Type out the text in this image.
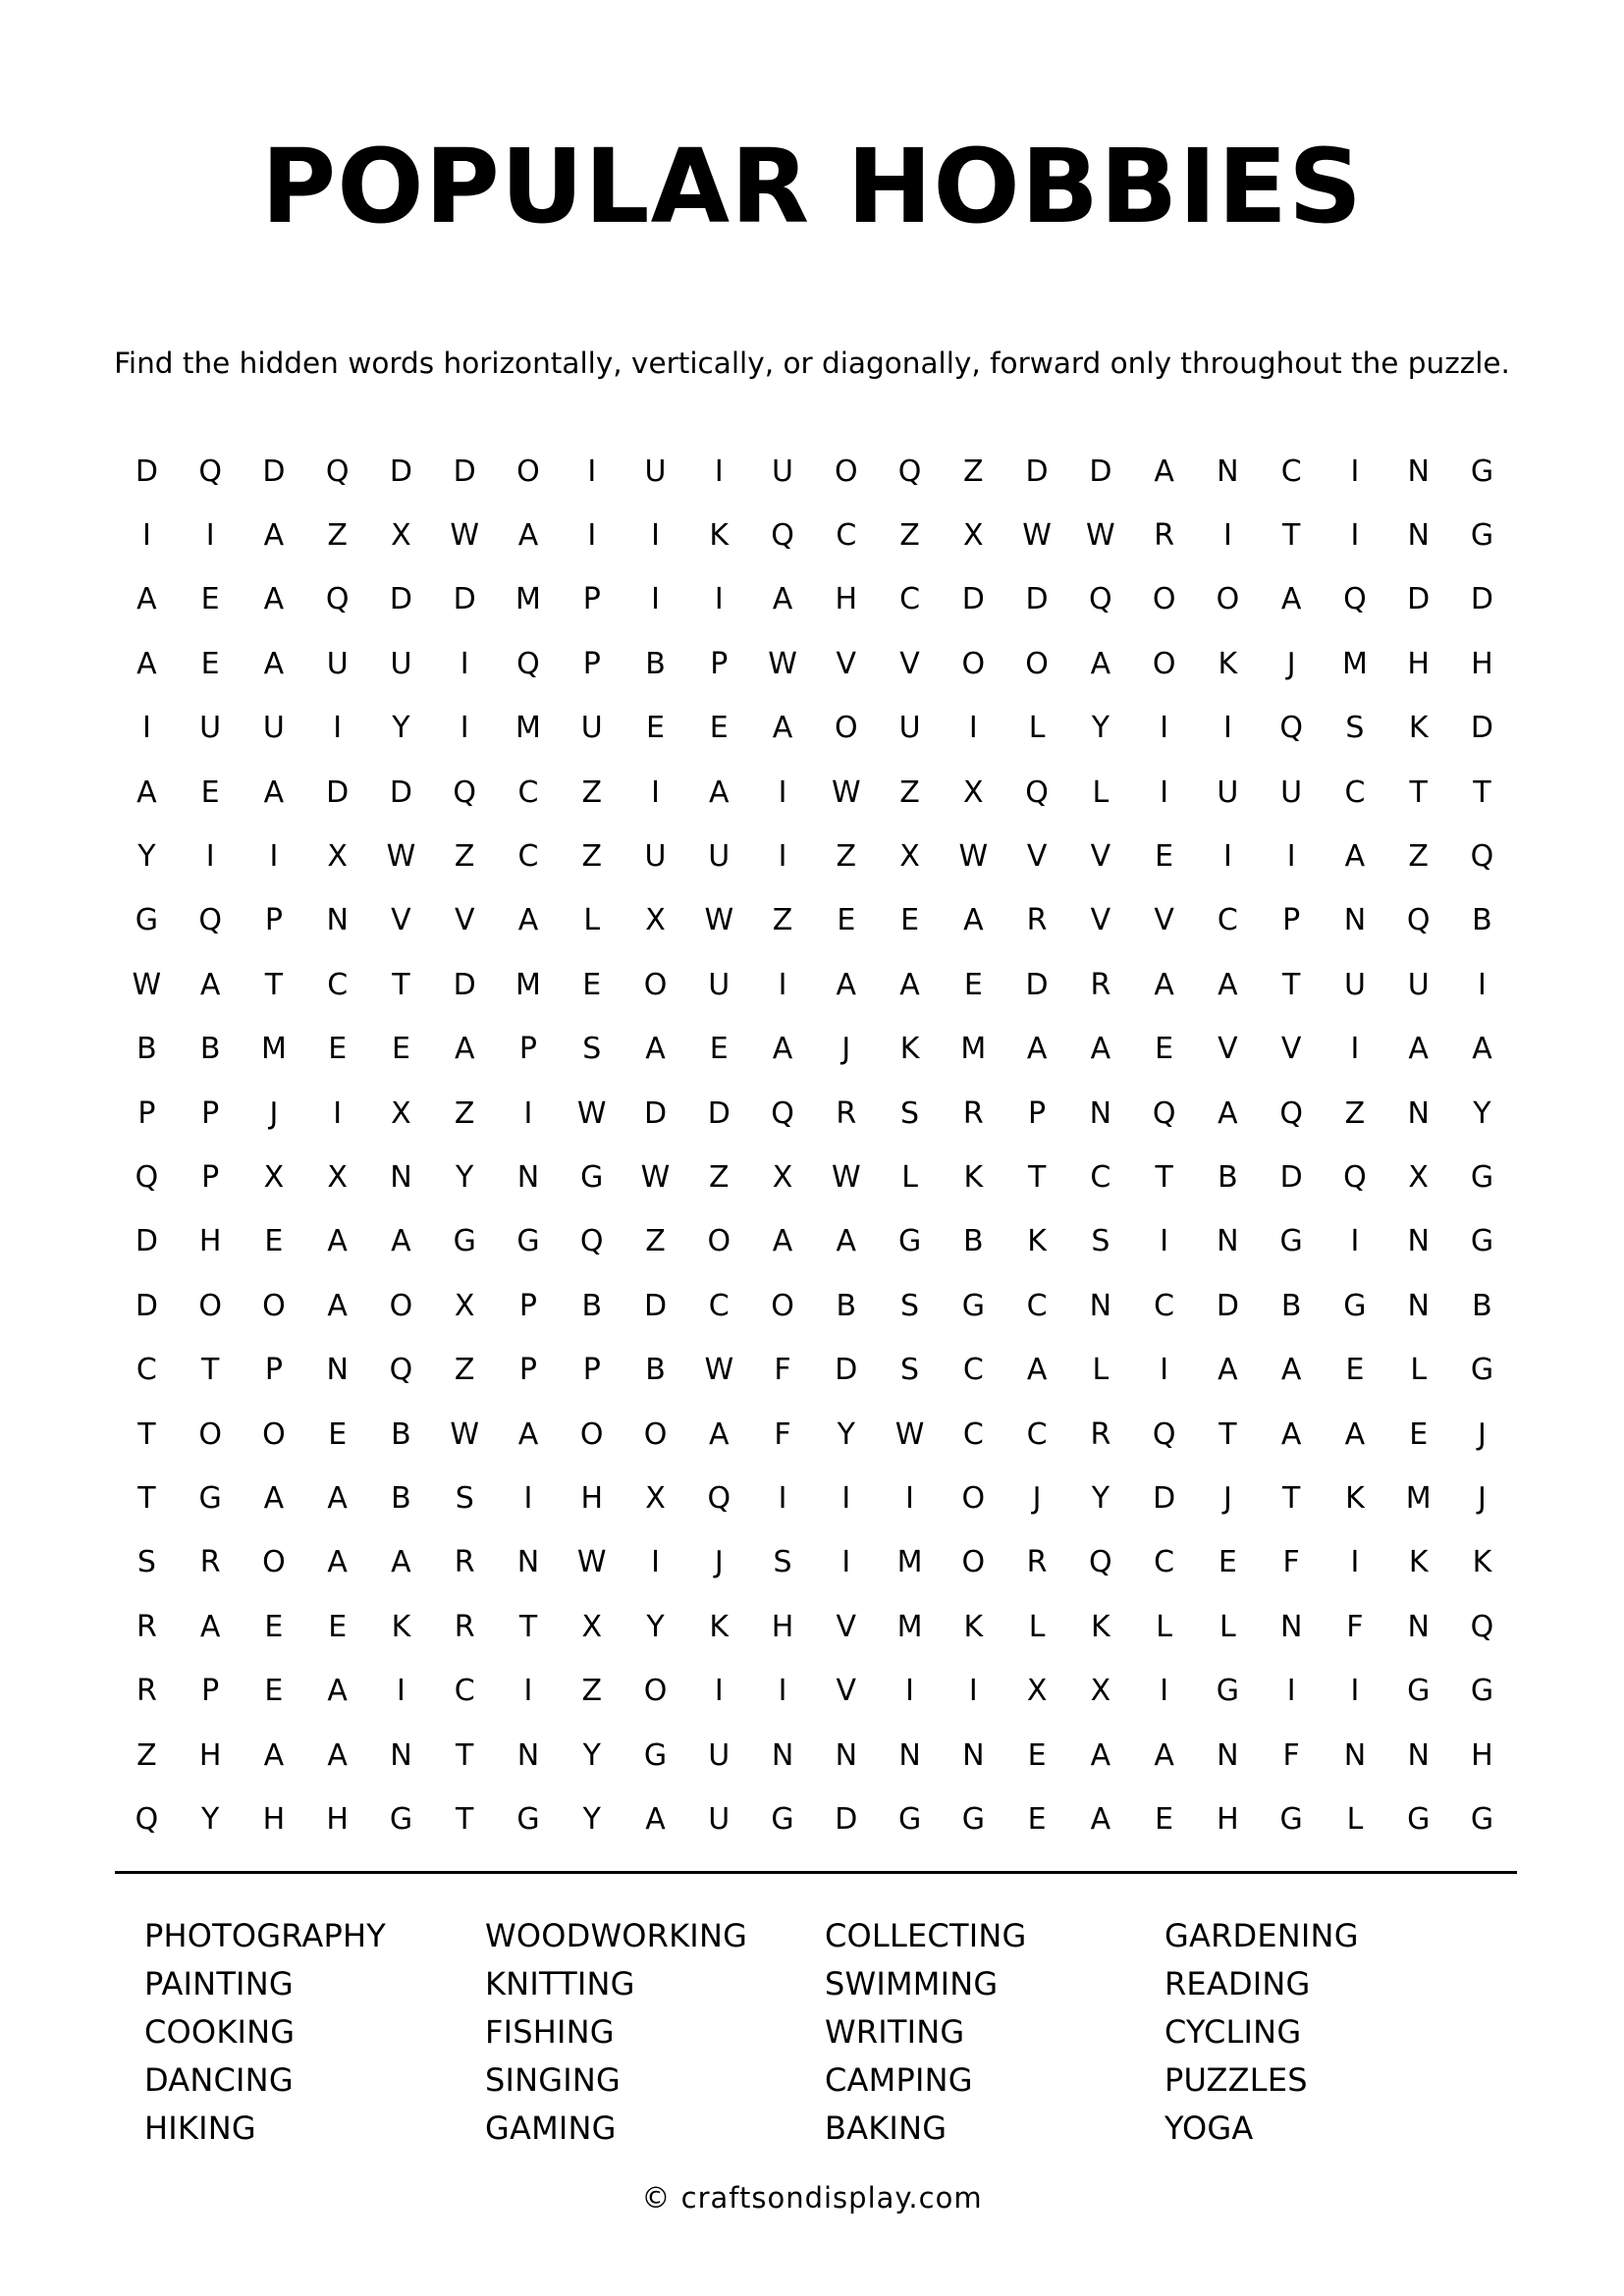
POPULAR HOBBIES

Find the hidden words horizontally, vertically, or diagonally, forward only throughout the puzzle.

D	Q	D	Q	D	D	O	I	U	I	U	O	Q	Z	D	D	A	N	C	I	N	G
I	I	A	Z	X	W	A	I	I	K	Q	C	Z	X	W	W	R	I	T	I	N	G
A	E	A	Q	D	D	M	P	I	I	A	H	C	D	D	Q	O	O	A	Q	D	D
A	E	A	U	U	I	Q	P	B	P	W	V	V	O	O	A	O	K	J	M	H	H
I	U	U	I	Y	I	M	U	E	E	A	O	U	I	L	Y	I	I	Q	S	K	D
A	E	A	D	D	Q	C	Z	I	A	I	W	Z	X	Q	L	I	U	U	C	T	T
Y	I	I	X	W	Z	C	Z	U	U	I	Z	X	W	V	V	E	I	I	A	Z	Q
G	Q	P	N	V	V	A	L	X	W	Z	E	E	A	R	V	V	C	P	N	Q	B
W	A	T	C	T	D	M	E	O	U	I	A	A	E	D	R	A	A	T	U	U	I
B	B	M	E	E	A	P	S	A	E	A	J	K	M	A	A	E	V	V	I	A	A
P	P	J	I	X	Z	I	W	D	D	Q	R	S	R	P	N	Q	A	Q	Z	N	Y
Q	P	X	X	N	Y	N	G	W	Z	X	W	L	K	T	C	T	B	D	Q	X	G
D	H	E	A	A	G	G	Q	Z	O	A	A	G	B	K	S	I	N	G	I	N	G
D	O	O	A	O	X	P	B	D	C	O	B	S	G	C	N	C	D	B	G	N	B
C	T	P	N	Q	Z	P	P	B	W	F	D	S	C	A	L	I	A	A	E	L	G
T	O	O	E	B	W	A	O	O	A	F	Y	W	C	C	R	Q	T	A	A	E	J
T	G	A	A	B	S	I	H	X	Q	I	I	I	O	J	Y	D	J	T	K	M	J
S	R	O	A	A	R	N	W	I	J	S	I	M	O	R	Q	C	E	F	I	K	K
R	A	E	E	K	R	T	X	Y	K	H	V	M	K	L	K	L	L	N	F	N	Q
R	P	E	A	I	C	I	Z	O	I	I	V	I	I	X	X	I	G	I	I	G	G
Z	H	A	A	N	T	N	Y	G	U	N	N	N	N	E	A	A	N	F	N	N	H
Q	Y	H	H	G	T	G	Y	A	U	G	D	G	G	E	A	E	H	G	L	G	G

PHOTOGRAPHY

PAINTING

COOKING

DANCING

HIKING

WOODWORKING

KNITTING

FISHING

SINGING

GAMING

COLLECTING

SWIMMING

WRITING

CAMPING

BAKING

GARDENING

READING

CYCLING

PUZZLES

YOGA

© craftsondisplay.com
